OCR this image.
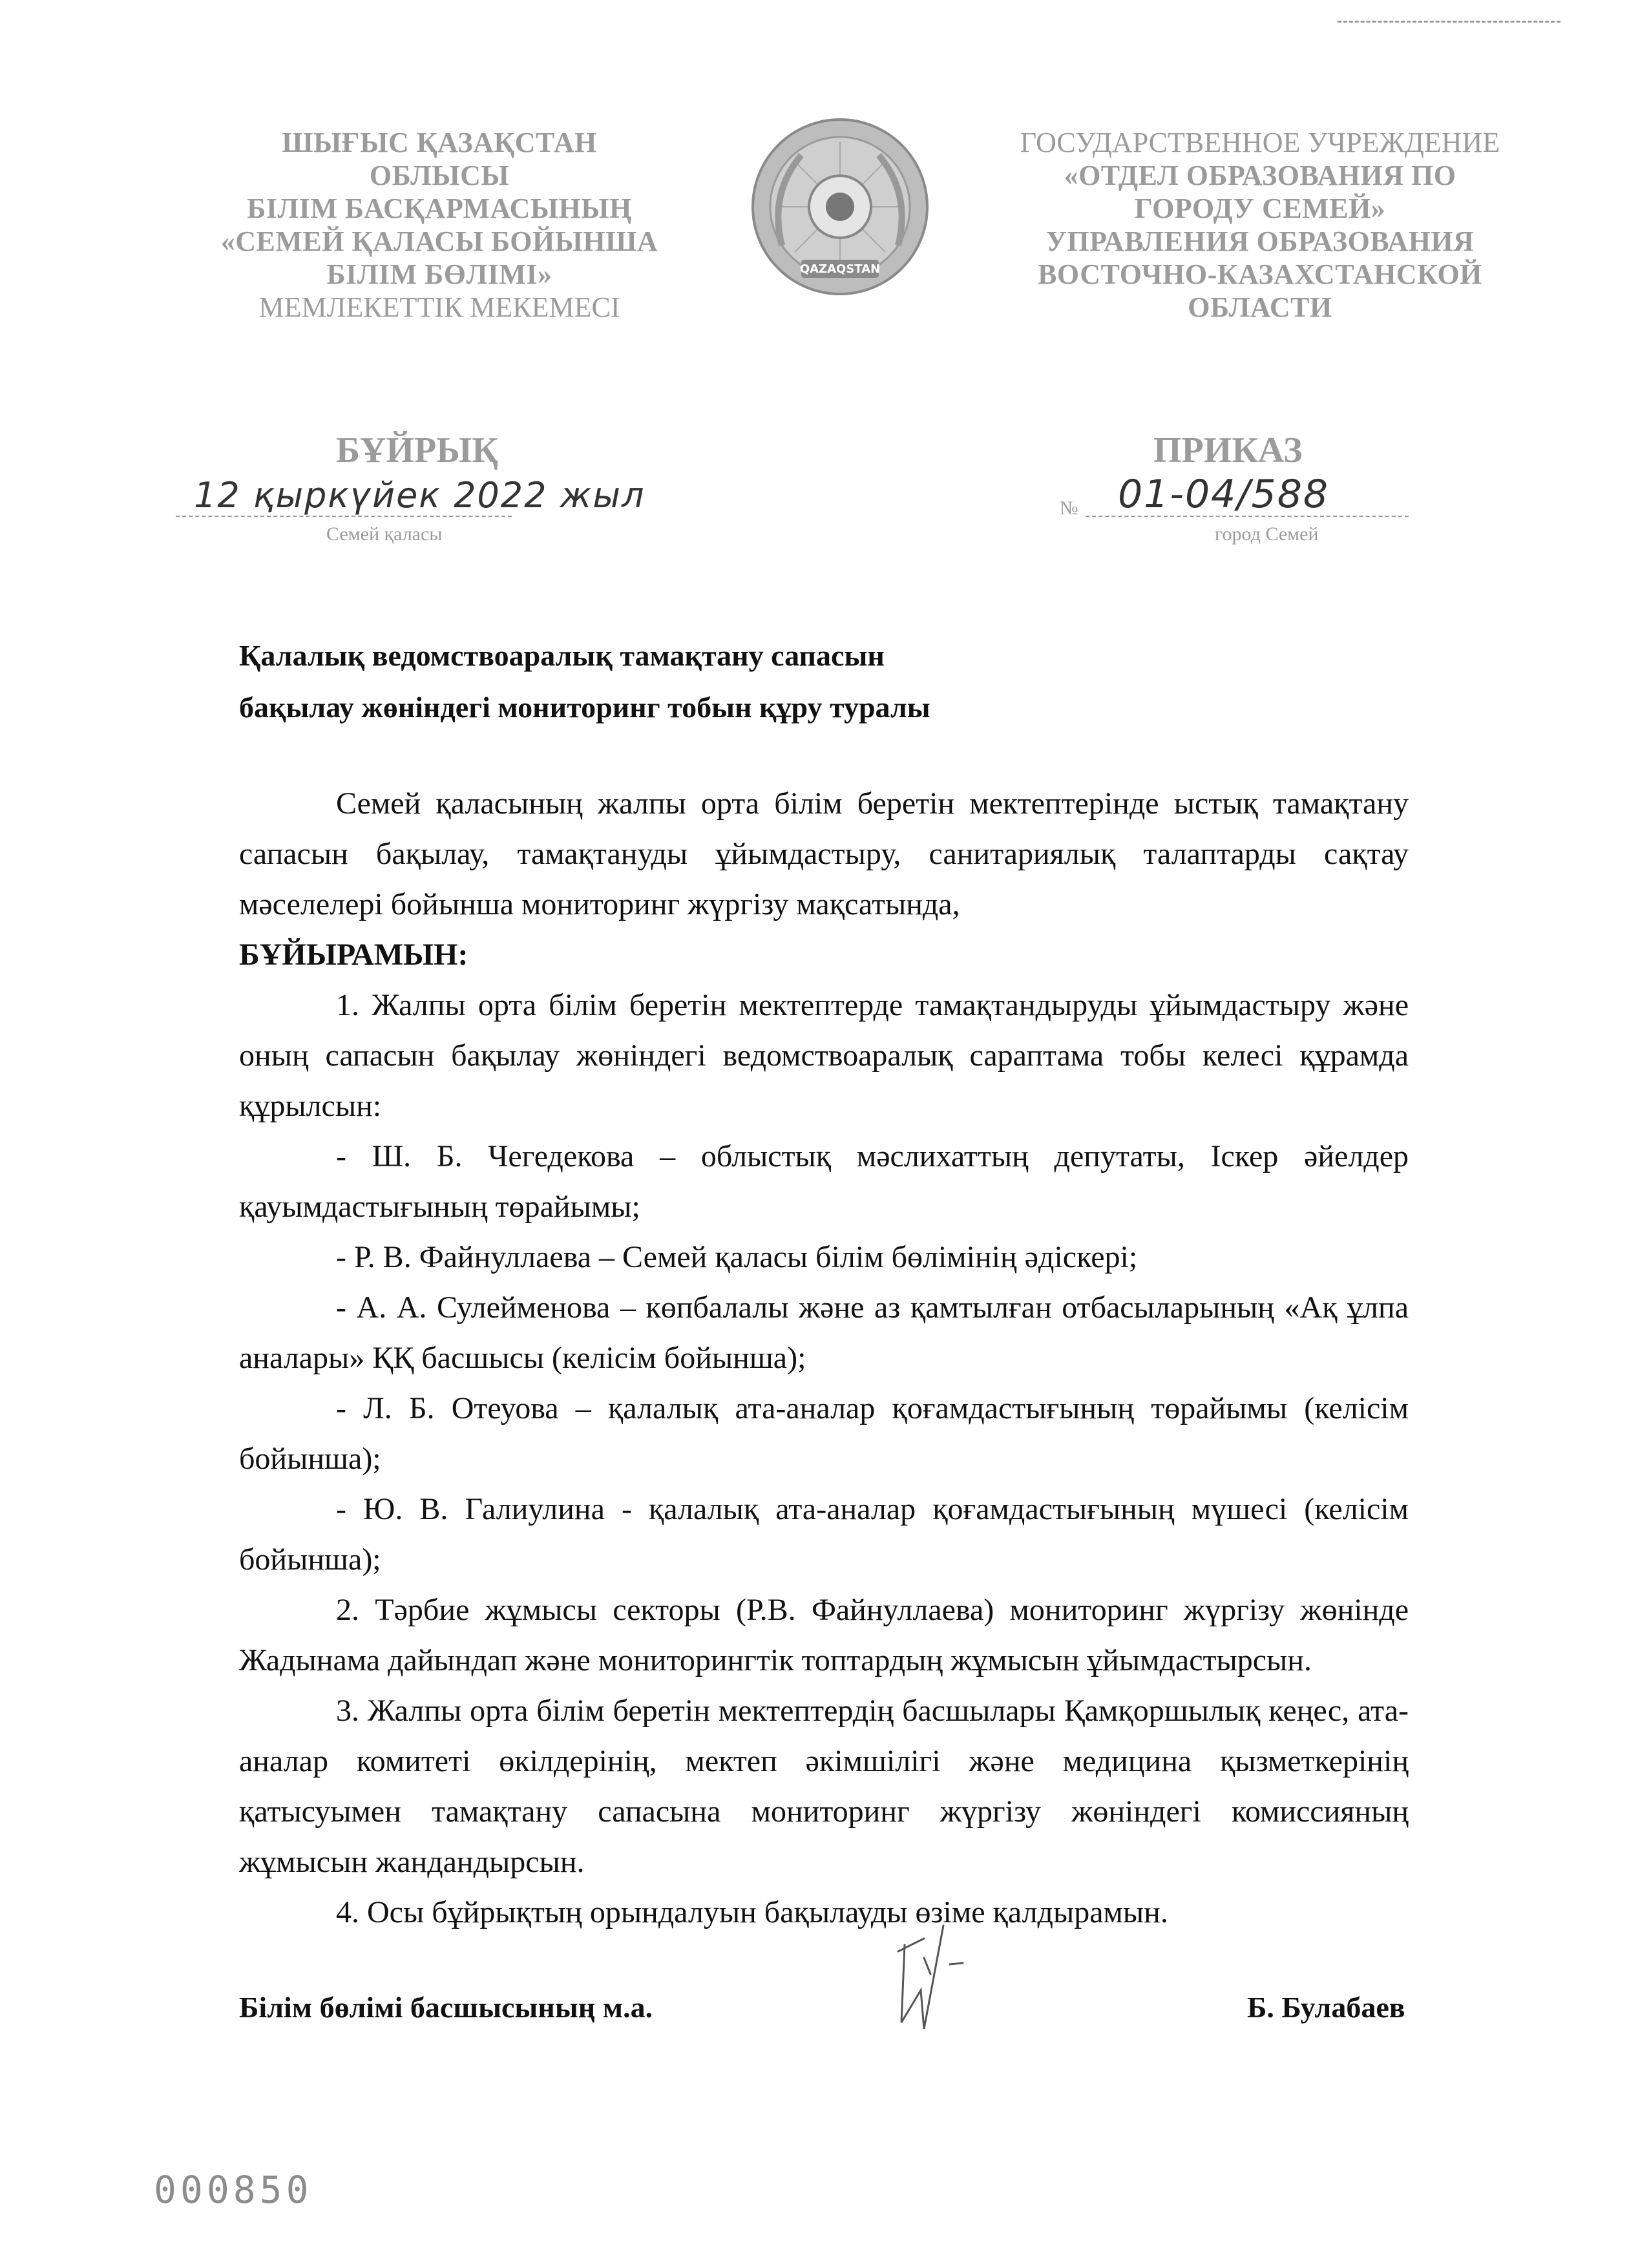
ШЫҒЫС ҚАЗАҚСТАН
ОБЛЫСЫ
БІЛІМ БАСҚАРМАСЫНЫҢ
«СЕМЕЙ ҚАЛАСЫ БОЙЫНША
БІЛІМ БӨЛІМІ»
МЕМЛЕКЕТТІК МЕКЕМЕСІ
QAZAQSTAN
ГОСУДАРСТВЕННОЕ УЧРЕЖДЕНИЕ
«ОТДЕЛ ОБРАЗОВАНИЯ ПО
ГОРОДУ СЕМЕЙ»
УПРАВЛЕНИЯ ОБРАЗОВАНИЯ
ВОСТОЧНО-КАЗАХСТАНСКОЙ
ОБЛАСТИ
БҰЙРЫҚ	ПРИКАЗ
12 қыркүйек 2022 жыл
Семей қаласы
№ 01-04/588
город Семей
Қалалық ведомствоаралық тамақтану сапасын
бақылау жөніндегі мониторинг тобын құру туралы

Семей қаласының жалпы орта білім беретін мектептерінде ыстық тамақтану сапасын бақылау, тамақтануды ұйымдастыру, санитариялық талаптарды сақтау мәселелері бойынша мониторинг жүргізу мақсатында,

БҰЙЫРАМЫН:

1. Жалпы орта білім беретін мектептерде тамақтандыруды ұйымдастыру және оның сапасын бақылау жөніндегі ведомствоаралық сараптама тобы келесі құрамда құрылсын:

- Ш. Б. Чегедекова – облыстық мәслихаттың депутаты, Іскер әйелдер қауымдастығының төрайымы;

- Р. В. Файнуллаева – Семей қаласы білім бөлімінің әдіскері;

- А. А. Сулейменова – көпбалалы және аз қамтылған отбасыларының «Ақ ұлпа аналары» ҚҚ басшысы (келісім бойынша);

- Л. Б. Отеуова – қалалық ата-аналар қоғамдастығының төрайымы (келісім бойынша);

- Ю. В. Галиулина - қалалық ата-аналар қоғамдастығының мүшесі (келісім бойынша);

2. Тәрбие жұмысы секторы (Р.В. Файнуллаева) мониторинг жүргізу жөнінде Жадынама дайындап және мониторингтік топтардың жұмысын ұйымдастырсын.

3. Жалпы орта білім беретін мектептердің басшылары Қамқоршылық кеңес, ата-аналар комитеті өкілдерінің, мектеп әкімшілігі және медицина қызметкерінің қатысуымен тамақтану сапасына мониторинг жүргізу жөніндегі комиссияның жұмысын жандандырсын.

4. Осы бұйрықтың орындалуын бақылауды өзіме қалдырамын.

Білім бөлімі басшысының м.а.	Б. Булабаев
000850
